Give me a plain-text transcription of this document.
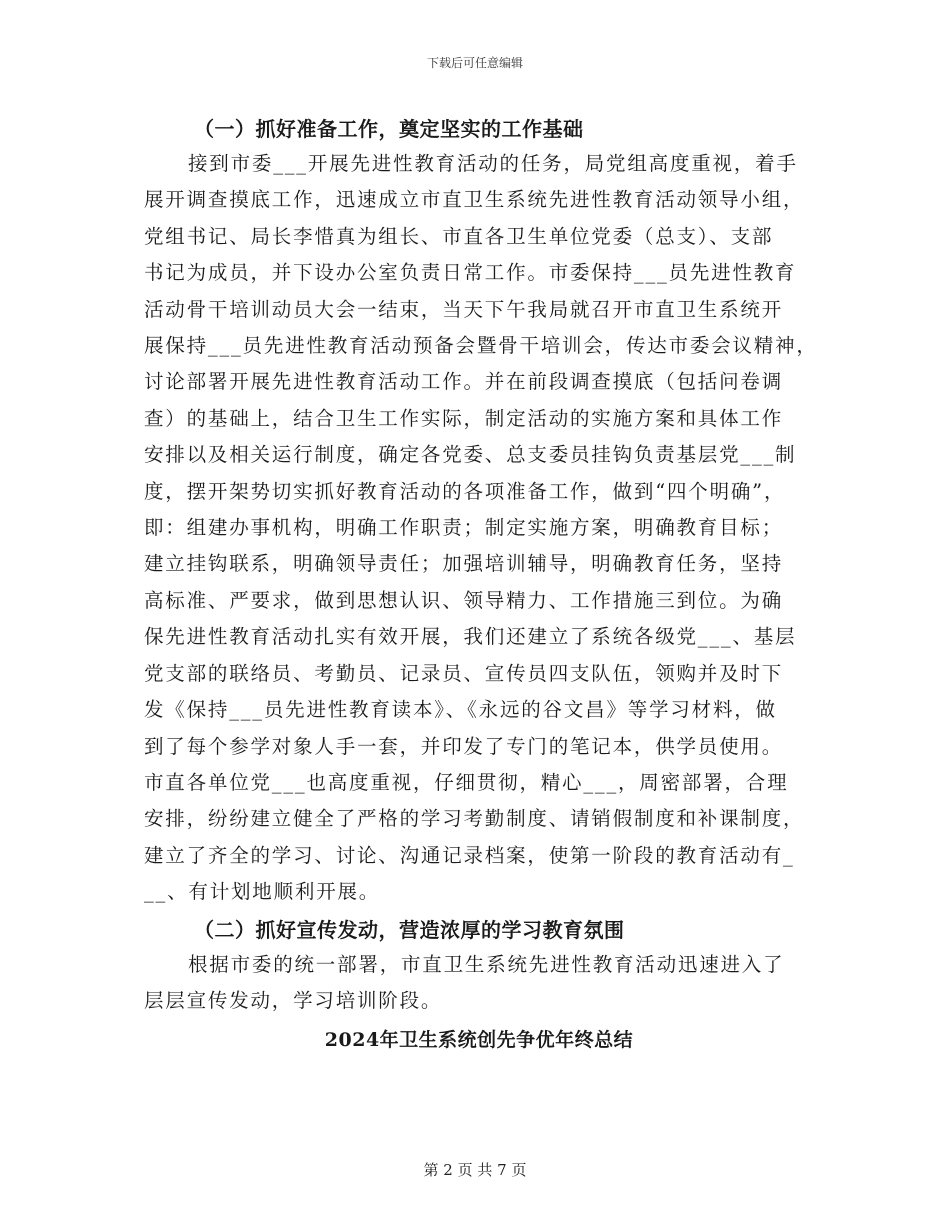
下载后可任意编辑

（一）抓好准备工作，奠定坚实的工作基础

接到市委___开展先进性教育活动的任务，局党组高度重视，着手
展开调查摸底工作，迅速成立市直卫生系统先进性教育活动领导小组，
党组书记、局长李惜真为组长、市直各卫生单位党委（总支）、支部
书记为成员，并下设办公室负责日常工作。市委保持___员先进性教育
活动骨干培训动员大会一结束，当天下午我局就召开市直卫生系统开
展保持___员先进性教育活动预备会暨骨干培训会，传达市委会议精神，
讨论部署开展先进性教育活动工作。并在前段调查摸底（包括问卷调
查）的基础上，结合卫生工作实际，制定活动的实施方案和具体工作
安排以及相关运行制度，确定各党委、总支委员挂钩负责基层党___制
度，摆开架势切实抓好教育活动的各项准备工作，做到“四个明确”，
即：组建办事机构，明确工作职责；制定实施方案，明确教育目标；
建立挂钩联系，明确领导责任；加强培训辅导，明确教育任务，坚持
高标准、严要求，做到思想认识、领导精力、工作措施三到位。为确
保先进性教育活动扎实有效开展，我们还建立了系统各级党___、基层
党支部的联络员、考勤员、记录员、宣传员四支队伍，领购并及时下
发《保持___员先进性教育读本》、《永远的谷文昌》等学习材料，做
到了每个参学对象人手一套，并印发了专门的笔记本，供学员使用。
市直各单位党___也高度重视，仔细贯彻，精心___，周密部署，合理
安排，纷纷建立健全了严格的学习考勤制度、请销假制度和补课制度，
建立了齐全的学习、讨论、沟通记录档案，使第一阶段的教育活动有_
__、有计划地顺利开展。

（二）抓好宣传发动，营造浓厚的学习教育氛围

根据市委的统一部署，市直卫生系统先进性教育活动迅速进入了
层层宣传发动，学习培训阶段。

2024年卫生系统创先争优年终总结

第 2 页 共 7 页
